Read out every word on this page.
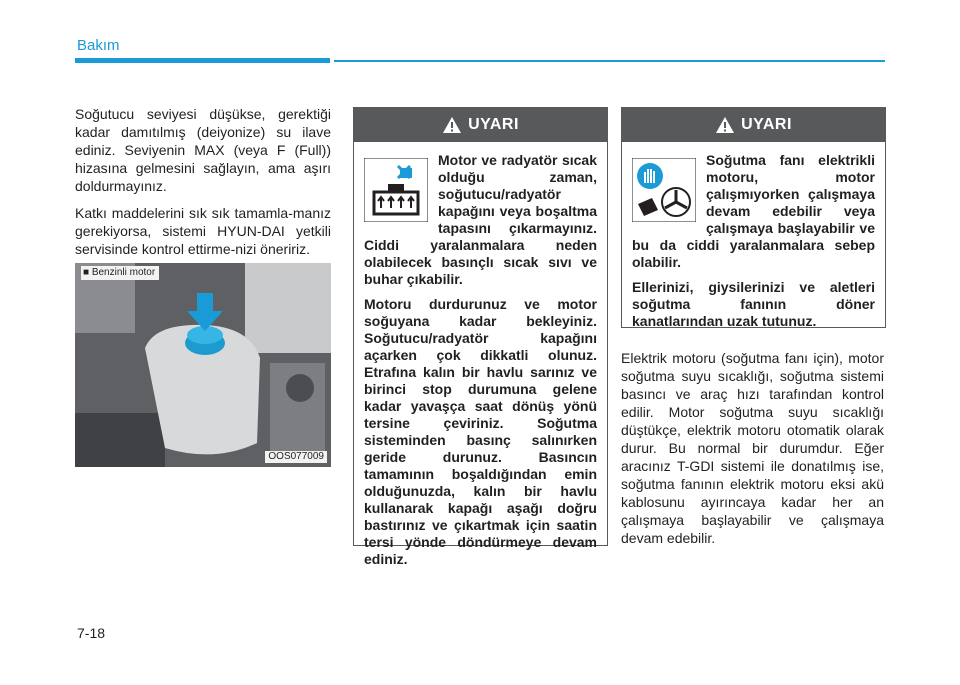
Bakım

Soğutucu seviyesi düşükse, gerektiği kadar damıtılmış (deiyonize) su ilave ediniz. Seviyenin MAX (veya F (Full)) hizasına gelmesini sağlayın, ama aşırı doldurmayınız.

Katkı maddelerini sık sık tamamla-manız gerekiyorsa, sistemi HYUN-DAI yetkili servisinde kontrol ettirme-nizi öneririz.

■ Benzinli motor
OOS077009
UYARI

Motor ve radyatör sıcak olduğu zaman, soğutucu/radyatör kapağını veya boşaltma tapasını çıkarmayınız. Ciddi yaralanmalara neden olabilecek basınçlı sıcak sıvı ve buhar çıkabilir.

Motoru durdurunuz ve motor soğuyana kadar bekleyiniz. Soğutucu/radyatör kapağını açarken çok dikkatli olunuz. Etrafına kalın bir havlu sarınız ve birinci stop durumuna gelene kadar yavaşça saat dönüş yönü tersine çeviriniz. Soğutma sisteminden basınç salınırken geride durunuz. Basıncın tamamının boşaldığından emin olduğunuzda, kalın bir havlu kullanarak kapağı aşağı doğru bastırınız ve çıkartmak için saatin tersi yönde döndürmeye devam ediniz.

UYARI

Soğutma fanı elektrikli motoru, motor çalışmıyorken çalışmaya devam edebilir veya çalışmaya başlayabilir ve bu da ciddi yaralanmalara sebep olabilir.

Ellerinizi, giysilerinizi ve aletleri soğutma fanının döner kanatlarından uzak tutunuz.

Elektrik motoru (soğutma fanı için), motor soğutma suyu sıcaklığı, soğutma sistemi basıncı ve araç hızı tarafından kontrol edilir. Motor soğutma suyu sıcaklığı düştükçe, elektrik motoru otomatik olarak durur. Bu normal bir durumdur. Eğer aracınız T-GDI sistemi ile donatılmış ise, soğutma fanının elektrik motoru eksi akü kablosunu ayırıncaya kadar her an çalışmaya başlayabilir ve çalışmaya devam edebilir.

7-18
